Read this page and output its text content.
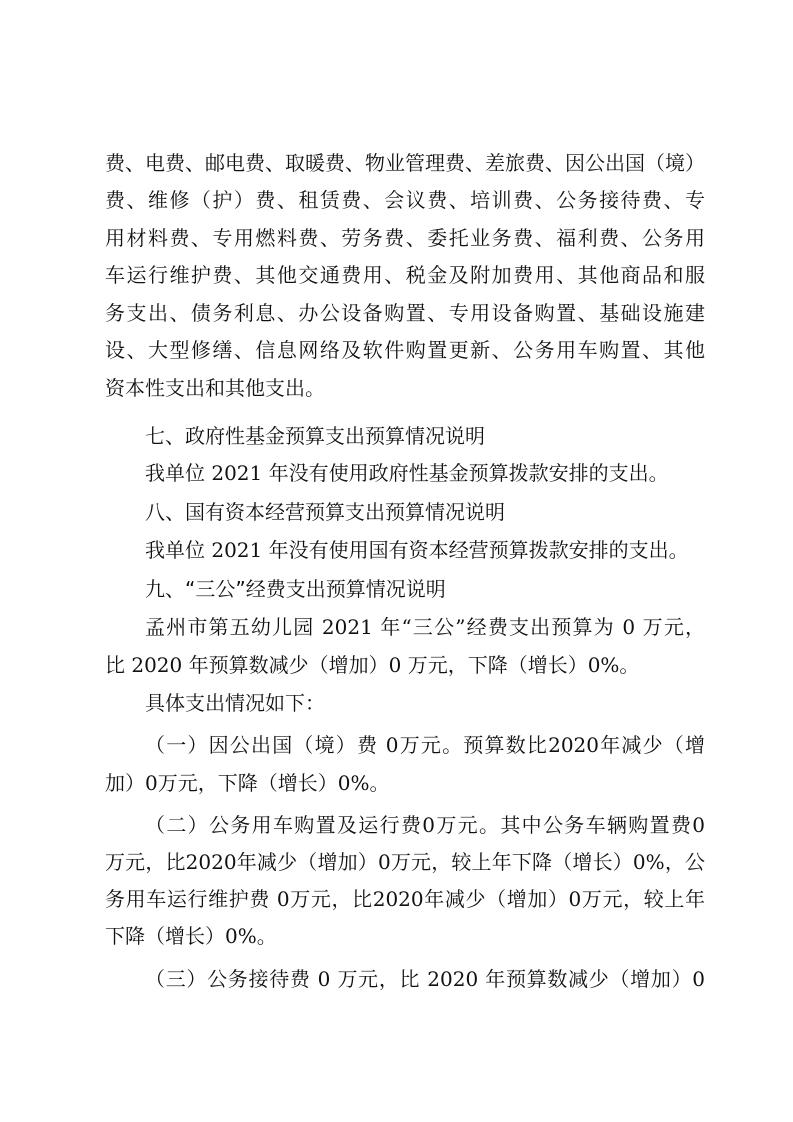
费、电费、邮电费、取暖费、物业管理费、差旅费、因公出国（境）
费、维修（护）费、租赁费、会议费、培训费、公务接待费、专
用材料费、专用燃料费、劳务费、委托业务费、福利费、公务用
车运行维护费、其他交通费用、税金及附加费用、其他商品和服
务支出、债务利息、办公设备购置、专用设备购置、基础设施建
设、大型修缮、信息网络及软件购置更新、公务用车购置、其他
资本性支出和其他支出。
七、政府性基金预算支出预算情况说明
我单位 2021 年没有使用政府性基金预算拨款安排的支出。
八、国有资本经营预算支出预算情况说明
我单位 2021 年没有使用国有资本经营预算拨款安排的支出。
九、“三公”经费支出预算情况说明
孟州市第五幼儿园 2021 年“三公”经费支出预算为 0 万元，
比 2020 年预算数减少（增加）0 万元，下降（增长）0%。
具体支出情况如下：
（一）因公出国（境）费 0万元。预算数比2020年减少（增
加）0万元，下降（增长）0%。
（二）公务用车购置及运行费0万元。其中公务车辆购置费0
万元，比2020年减少（增加）0万元，较上年下降（增长）0%，公
务用车运行维护费 0万元，比2020年减少（增加）0万元，较上年
下降（增长）0%。
（三）公务接待费 0 万元，比 2020 年预算数减少（增加）0
